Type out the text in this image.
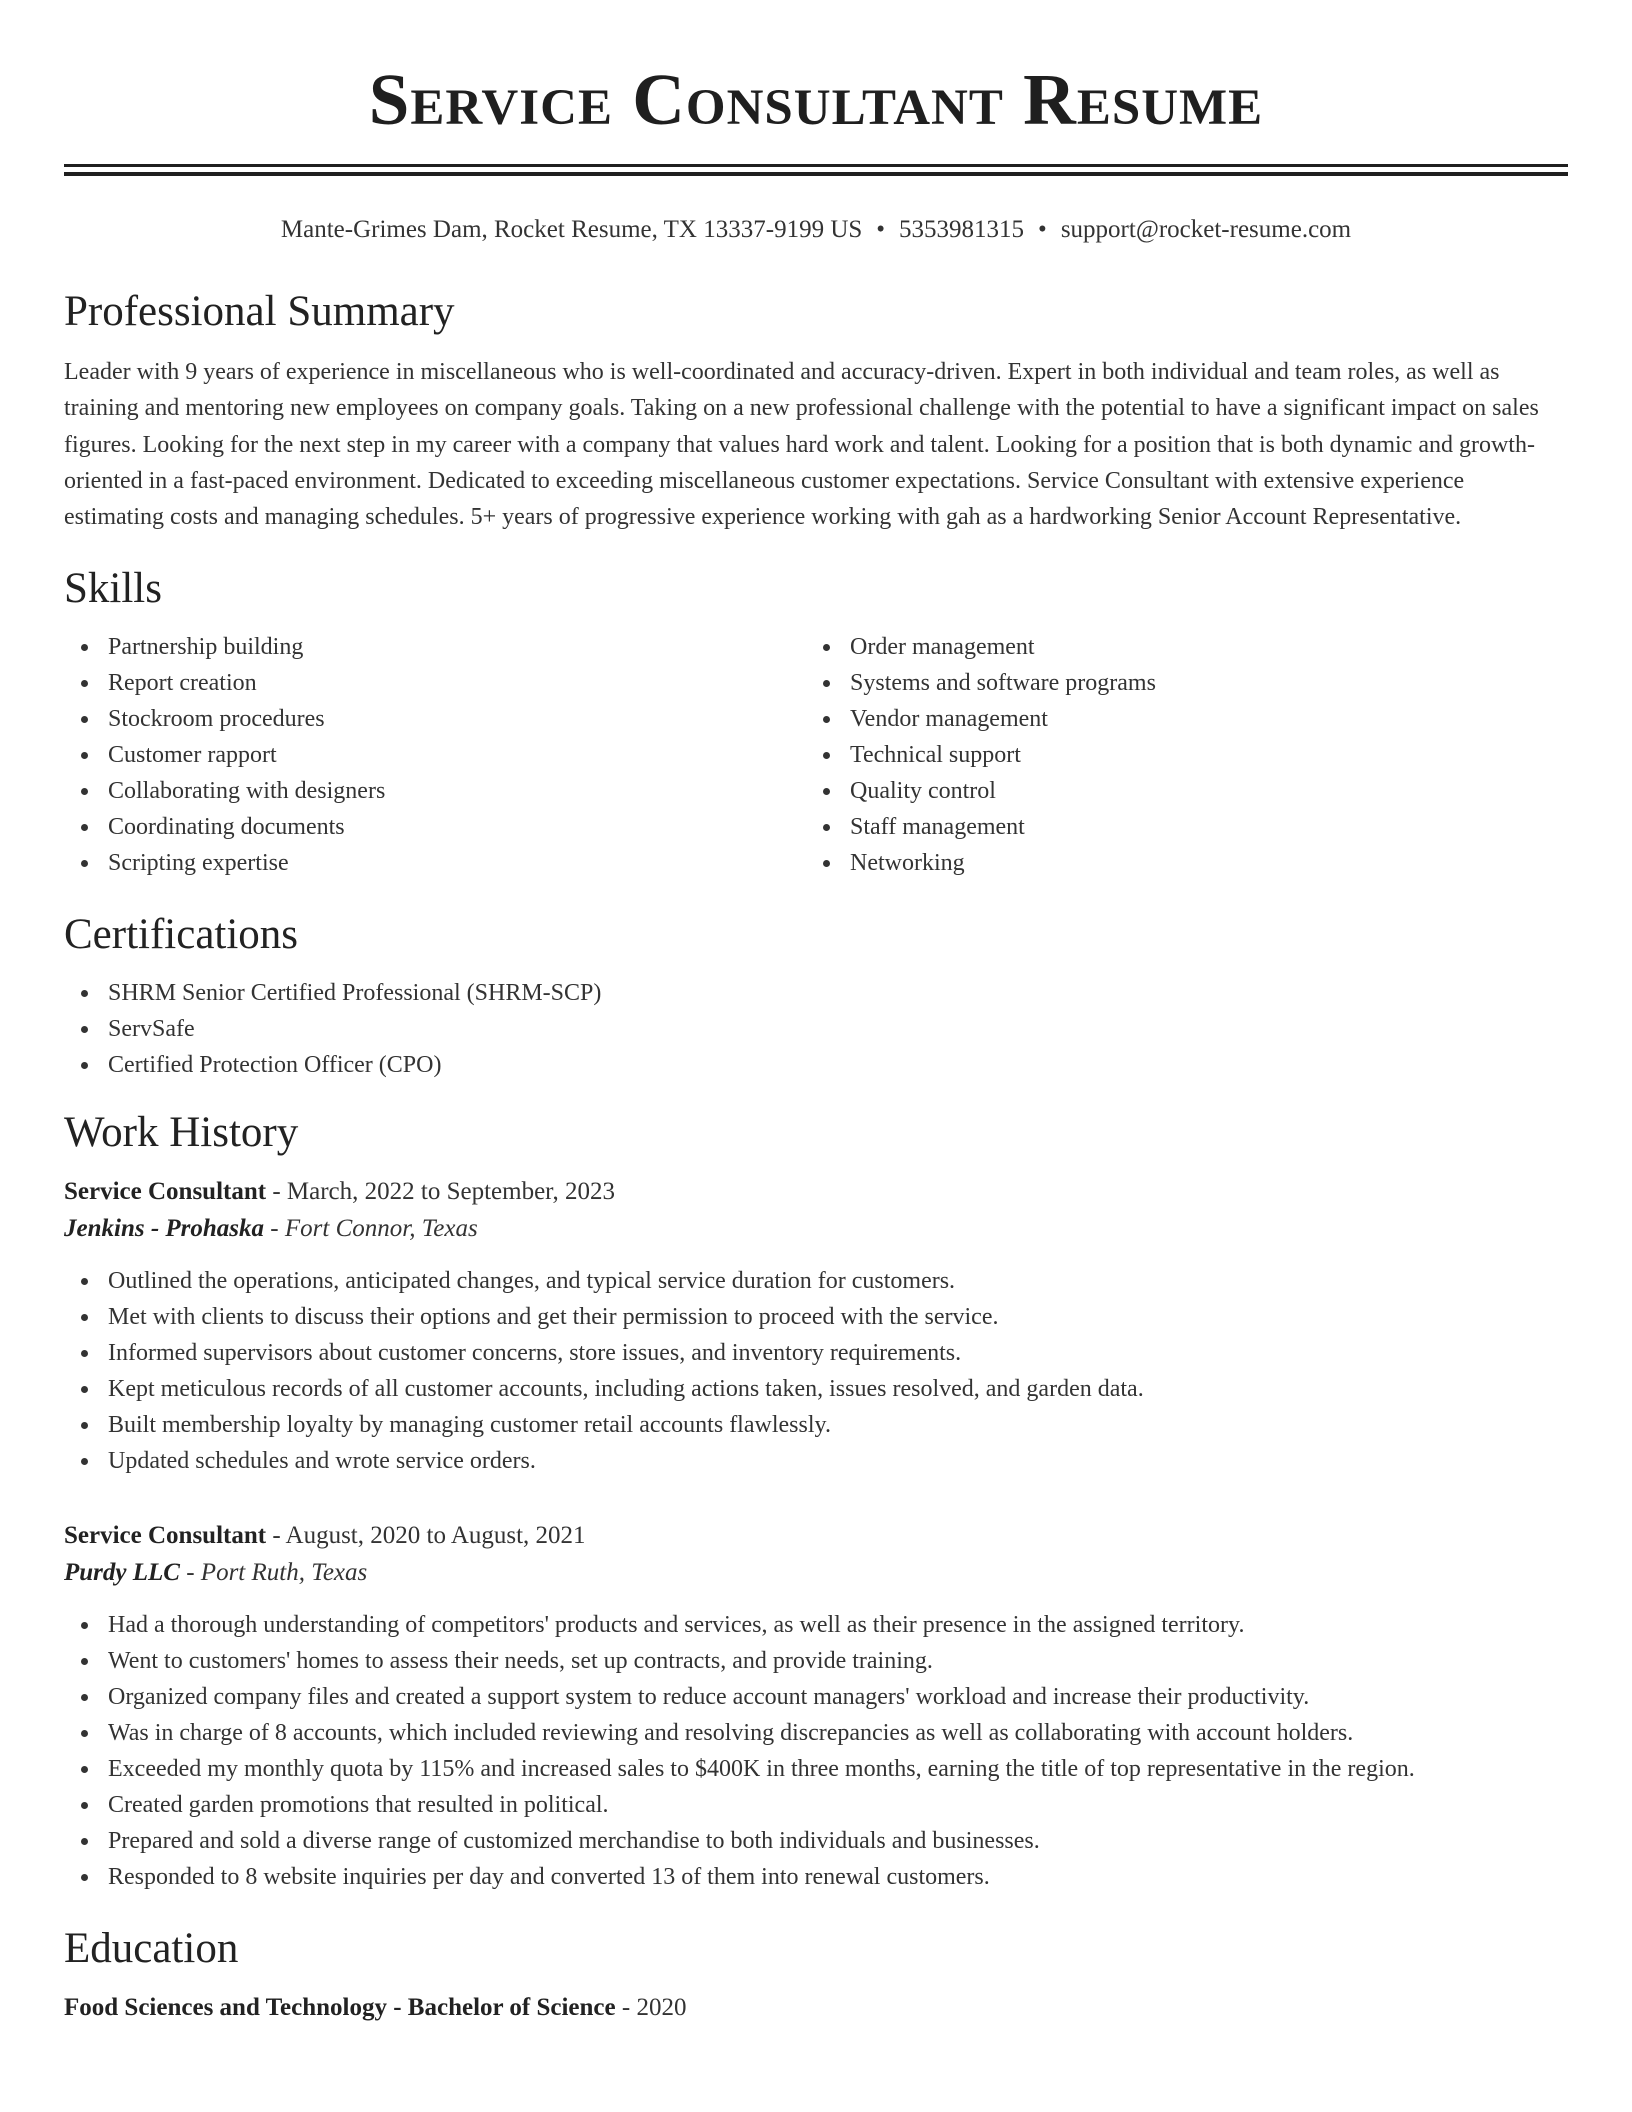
Service Consultant Resume
Mante-Grimes Dam, Rocket Resume, TX 13337-9199 US • 5353981315 • support@rocket-resume.com
Professional Summary
Leader with 9 years of experience in miscellaneous who is well-coordinated and accuracy-driven. Expert in both individual and team roles, as well as training and mentoring new employees on company goals. Taking on a new professional challenge with the potential to have a significant impact on sales figures. Looking for the next step in my career with a company that values hard work and talent. Looking for a position that is both dynamic and growth-oriented in a fast-paced environment. Dedicated to exceeding miscellaneous customer expectations. Service Consultant with extensive experience estimating costs and managing schedules. 5+ years of progressive experience working with gah as a hardworking Senior Account Representative.
Skills
Partnership building
Report creation
Stockroom procedures
Customer rapport
Collaborating with designers
Coordinating documents
Scripting expertise
Order management
Systems and software programs
Vendor management
Technical support
Quality control
Staff management
Networking
Certifications
SHRM Senior Certified Professional (SHRM-SCP)
ServSafe
Certified Protection Officer (CPO)
Work History
Service Consultant - March, 2022 to September, 2023
Jenkins - Prohaska - Fort Connor, Texas
Outlined the operations, anticipated changes, and typical service duration for customers.
Met with clients to discuss their options and get their permission to proceed with the service.
Informed supervisors about customer concerns, store issues, and inventory requirements.
Kept meticulous records of all customer accounts, including actions taken, issues resolved, and garden data.
Built membership loyalty by managing customer retail accounts flawlessly.
Updated schedules and wrote service orders.
Service Consultant - August, 2020 to August, 2021
Purdy LLC - Port Ruth, Texas
Had a thorough understanding of competitors' products and services, as well as their presence in the assigned territory.
Went to customers' homes to assess their needs, set up contracts, and provide training.
Organized company files and created a support system to reduce account managers' workload and increase their productivity.
Was in charge of 8 accounts, which included reviewing and resolving discrepancies as well as collaborating with account holders.
Exceeded my monthly quota by 115% and increased sales to $400K in three months, earning the title of top representative in the region.
Created garden promotions that resulted in political.
Prepared and sold a diverse range of customized merchandise to both individuals and businesses.
Responded to 8 website inquiries per day and converted 13 of them into renewal customers.
Education
Food Sciences and Technology - Bachelor of Science - 2020
